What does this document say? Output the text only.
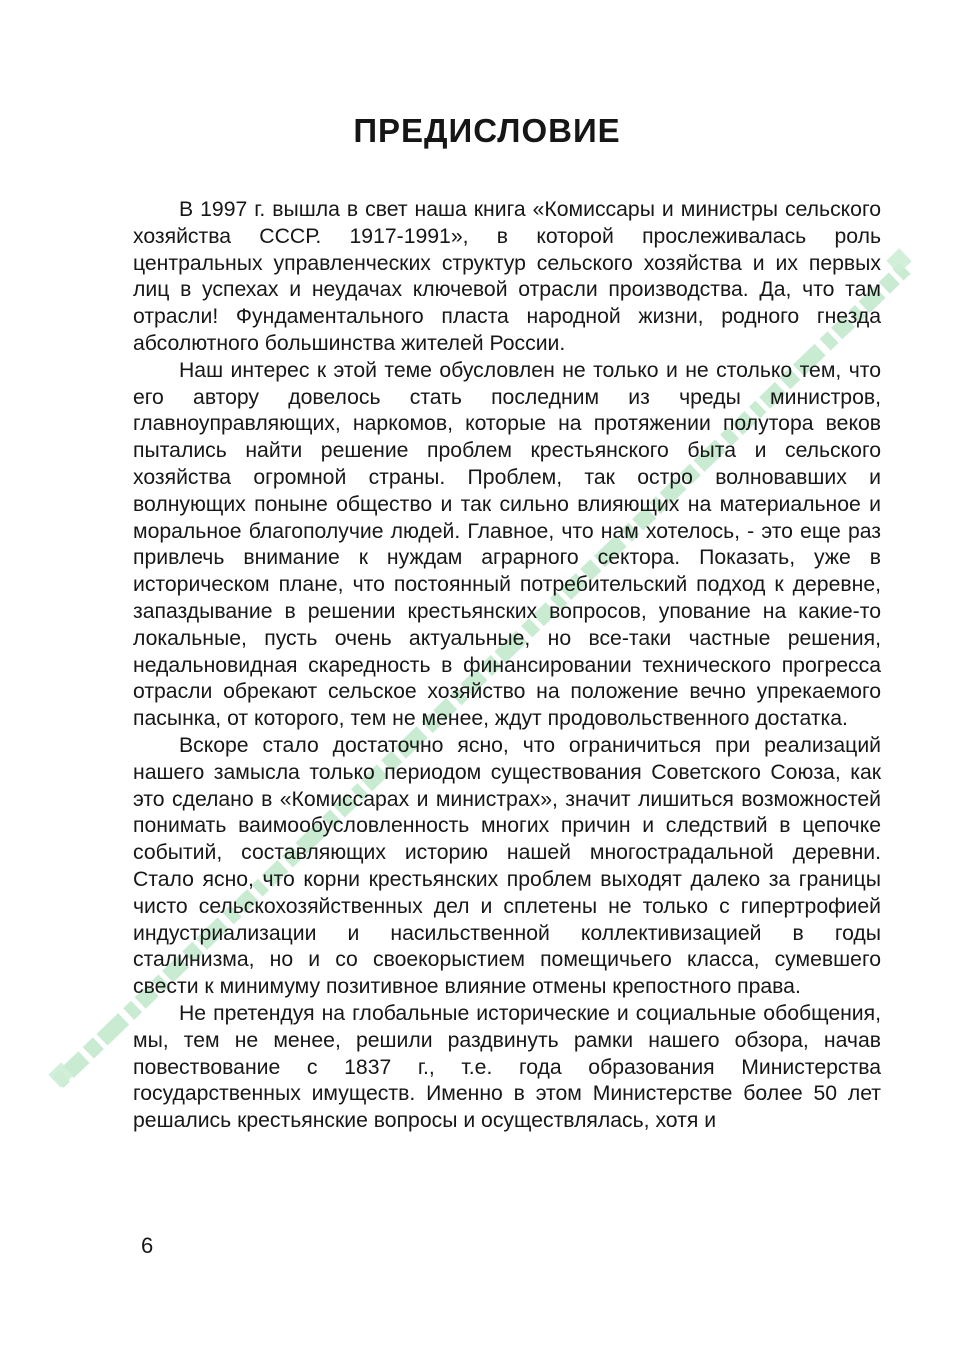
ПРЕДИСЛОВИЕ

В 1997 г. вышла в свет наша книга «Комиссары и министры сельского хозяйства СССР. 1917-1991», в которой прослеживалась роль центральных управленческих структур сельского хозяйства и их первых лиц в успехах и неудачах ключевой отрасли производства. Да, что там отрасли! Фундаментального пласта народной жизни, родного гнезда абсолютного большинства жителей России.

Наш интерес к этой теме обусловлен не только и не столько тем, что его автору довелось стать последним из чреды министров, главноуправляющих, наркомов, которые на протяжении полутора веков пытались найти решение проблем крестьянского быта и сельского хозяйства огромной страны. Проблем, так остро волновавших и волнующих поныне общество и так сильно влияющих на материальное и моральное благополучие людей. Главное, что нам хотелось, - это еще раз привлечь внимание к нуждам аграрного сектора. Показать, уже в историческом плане, что постоянный потребительский подход к деревне, запаздывание в решении крестьянских вопросов, упование на какие-то локальные, пусть очень актуальные, но все-таки частные решения, недальновидная скаредность в финансировании технического прогресса отрасли обрекают сельское хозяйство на положение вечно упрекаемого пасынка, от которого, тем не менее, ждут продовольственного достатка.

Вскоре стало достаточно ясно, что ограничиться при реализаций нашего замысла только периодом существования Советского Союза, как это сделано в «Комиссарах и министрах», значит лишиться возможностей понимать ваимообусловленность многих причин и следствий в цепочке событий, составляющих историю нашей многострадальной деревни. Стало ясно, что корни крестьянских проблем выходят далеко за границы чисто сельскохозяйственных дел и сплетены не только с гипертрофией индустриализации и насильственной коллективизацией в годы сталинизма, но и со своекорыстием помещичьего класса, сумевшего свести к минимуму позитивное влияние отмены крепостного права.

Не претендуя на глобальные исторические и социальные обобщения, мы, тем не менее, решили раздвинуть рамки нашего обзора, начав повествование с 1837 г., т.е. года образования Министерства государственных имуществ. Именно в этом Министерстве более 50 лет решались крестьянские вопросы и осуществлялась, хотя и

6
